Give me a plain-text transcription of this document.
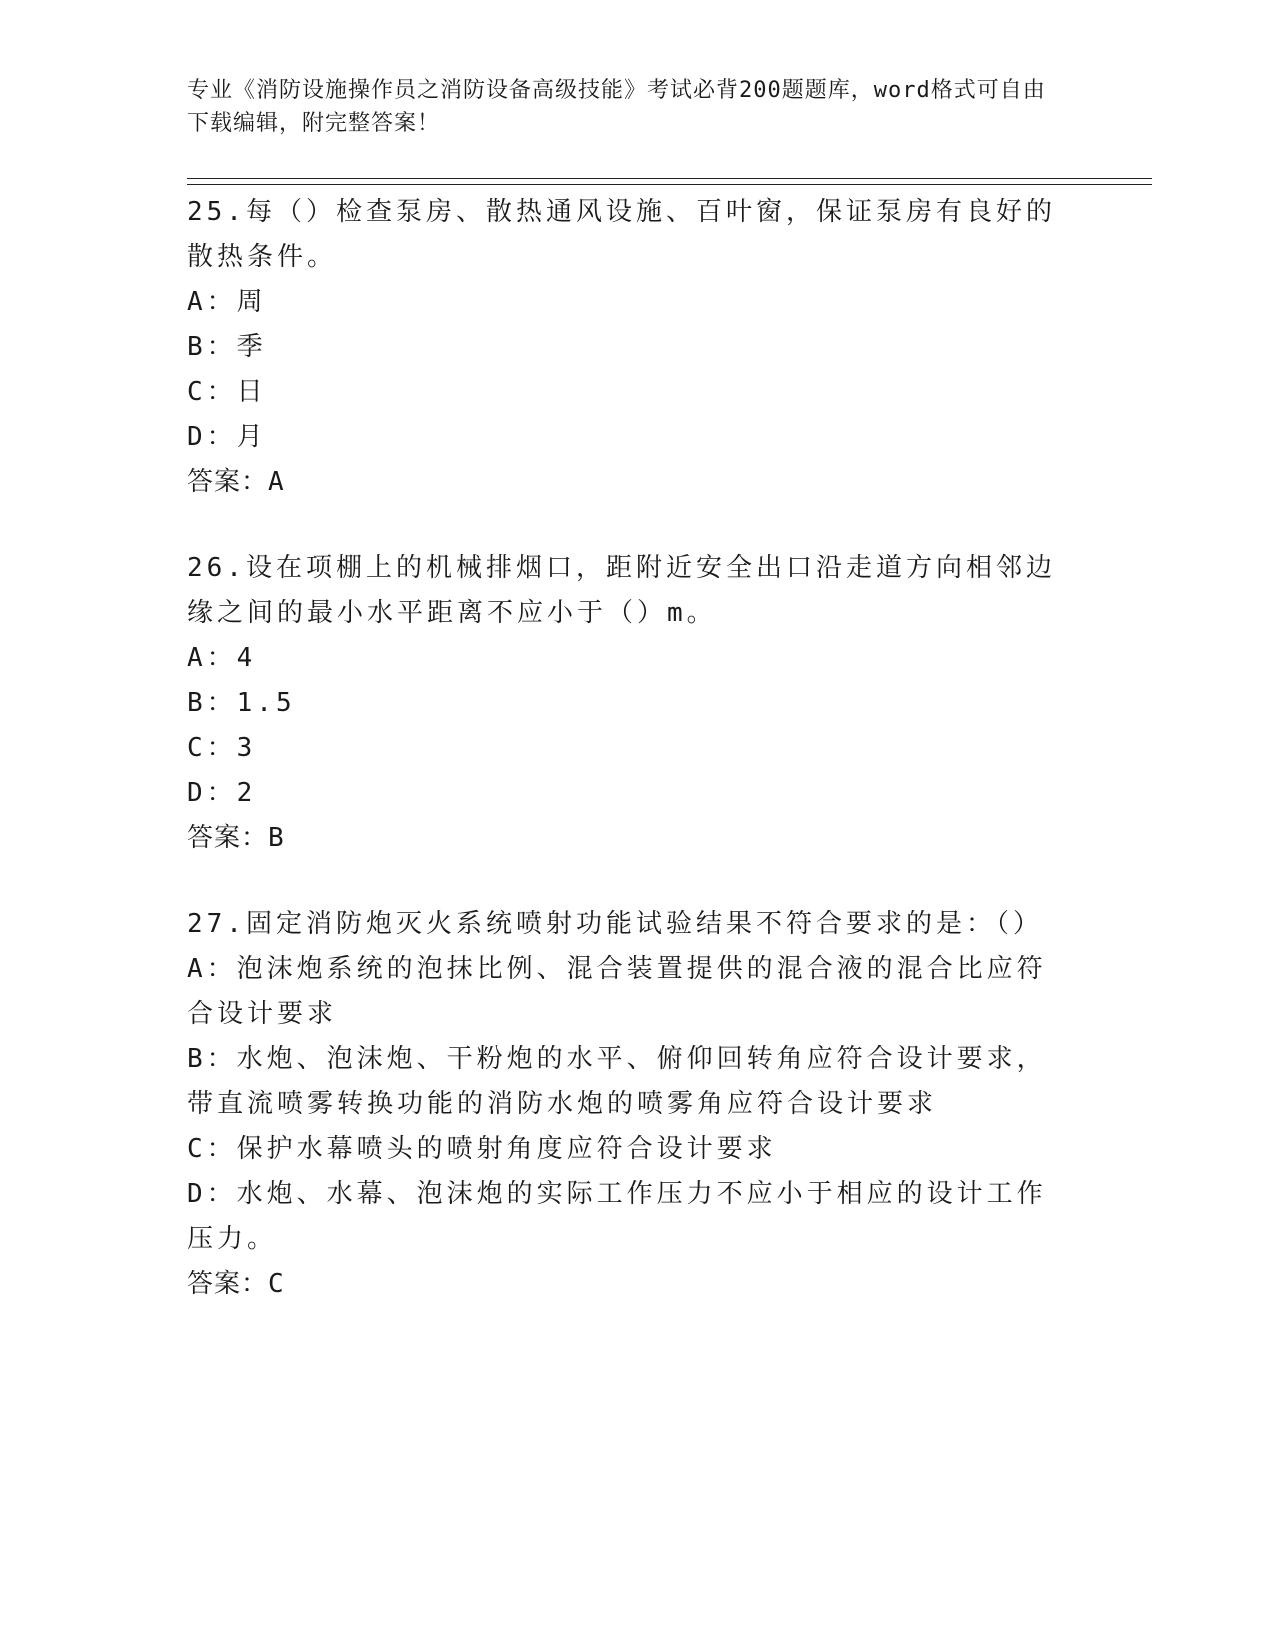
专业《消防设施操作员之消防设备高级技能》考试必背200题题库，word格式可自由下载编辑，附完整答案！

25.每（）检查泵房、散热通风设施、百叶窗，保证泵房有良好的散热条件。

A：周

B：季

C：日

D：月

答案：A

26.设在项棚上的机械排烟口，距附近安全出口沿走道方向相邻边缘之间的最小水平距离不应小于（）m。

A：4

B：1.5

C：3

D：2

答案：B

27.固定消防炮灭火系统喷射功能试验结果不符合要求的是：（）

A：泡沫炮系统的泡抹比例、混合装置提供的混合液的混合比应符合设计要求

B：水炮、泡沫炮、干粉炮的水平、俯仰回转角应符合设计要求，带直流喷雾转换功能的消防水炮的喷雾角应符合设计要求

C：保护水幕喷头的喷射角度应符合设计要求

D：水炮、水幕、泡沫炮的实际工作压力不应小于相应的设计工作压力。

答案：C
